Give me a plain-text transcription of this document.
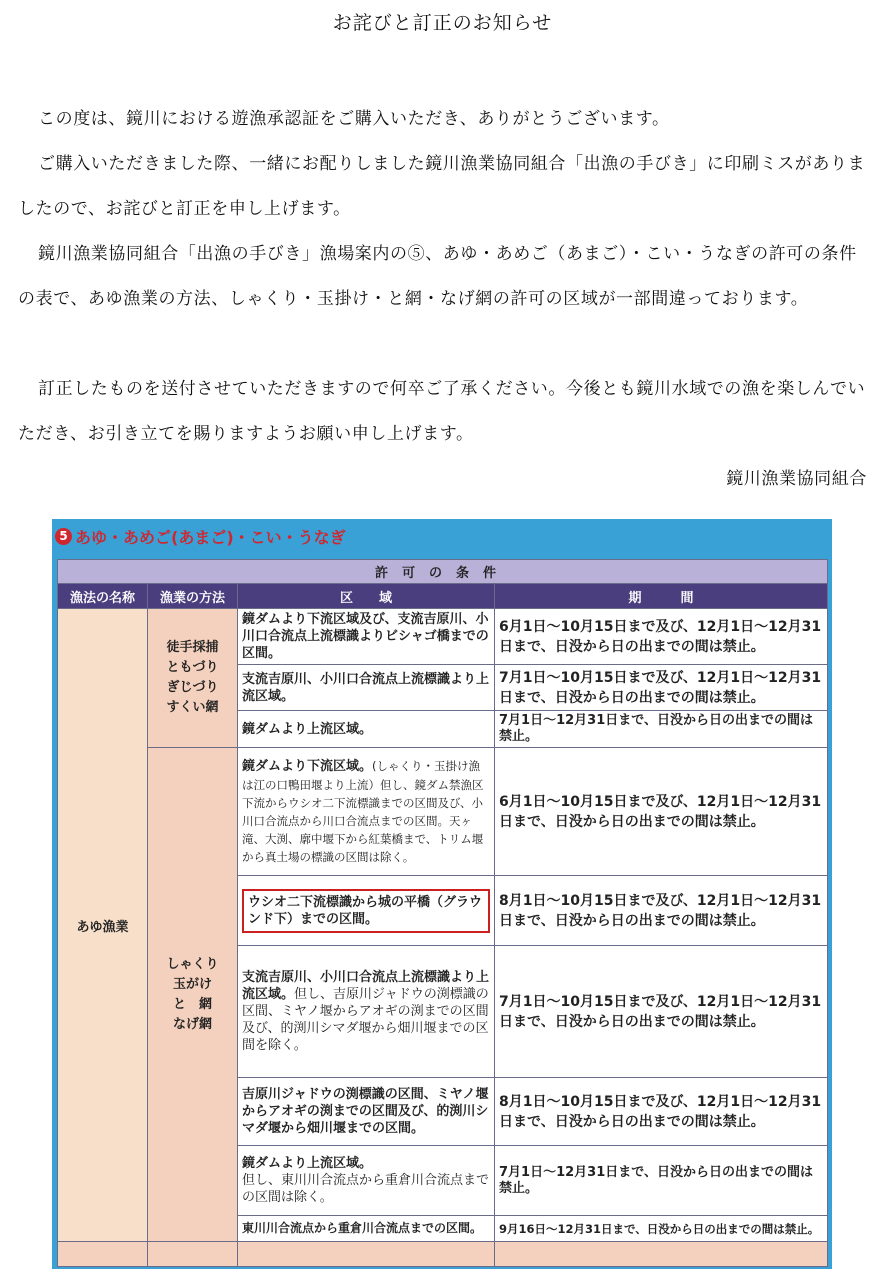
お詫びと訂正のお知らせ

この度は、鏡川における遊漁承認証をご購入いただき、ありがとうございます。

ご購入いただきました際、一緒にお配りしました鏡川漁業協同組合「出漁の手びき」に印刷ミスがありましたので、お詫びと訂正を申し上げます。

鏡川漁業協同組合「出漁の手びき」漁場案内の⑤、あゆ・あめご（あまご）・こい・うなぎの許可の条件の表で、あゆ漁業の方法、しゃくり・玉掛け・と網・なげ網の許可の区域が一部間違っております。

訂正したものを送付させていただきますので何卒ご了承ください。今後とも鏡川水域での漁を楽しんでいただき、お引き立てを賜りますようお願い申し上げます。

鏡川漁業協同組合
5 あゆ・あめご(あまご)・こい・うなぎ
許可の条件			
漁法の名称	漁業の方法	区　　域	期　　　間
あゆ漁業	徒手採捕
ともづり
ぎじづり
すくい網	鏡ダムより下流区域及び、支流吉原川、小川口合流点上流標識よりビシャゴ橋までの区間。	6月1日～10月15日まで及び、12月1日～12月31日まで、日没から日の出までの間は禁止。
		支流吉原川、小川口合流点上流標識より上流区域。	7月1日～10月15日まで及び、12月1日～12月31日まで、日没から日の出までの間は禁止。
		鏡ダムより上流区域。	7月1日～12月31日まで、日没から日の出までの間は禁止。
	しゃくり
玉がけ
と　網
なげ網	鏡ダムより下流区域。(しゃくり・玉掛け漁は江の口鴨田堰より上流）但し、鏡ダム禁漁区下流からウシオ二下流標識までの区間及び、小川口合流点から川口合流点までの区間。天ヶ滝、大渕、廓中堰下から紅葉橋まで、トリム堰から真土場の標識の区間は除く。	6月1日～10月15日まで及び、12月1日～12月31日まで、日没から日の出までの間は禁止。

		ウシオ二下流標識から城の平橋（グラウンド下）までの区間。	8月1日～10月15日まで及び、12月1日～12月31日まで、日没から日の出までの間は禁止。
		支流吉原川、小川口合流点上流標識より上流区域。但し、吉原川ジャドウの渕標識の区間、ミヤノ堰からアオギの渕までの区間及び、的渕川シマダ堰から畑川堰までの区間を除く。	7月1日～10月15日まで及び、12月1日～12月31日まで、日没から日の出までの間は禁止。
		吉原川ジャドウの渕標識の区間、ミヤノ堰からアオギの渕までの区間及び、的渕川シマダ堰から畑川堰までの区間。	8月1日～10月15日まで及び、12月1日～12月31日まで、日没から日の出までの間は禁止。
		鏡ダムより上流区域。
但し、東川川合流点から重倉川合流点までの区間は除く。	7月1日～12月31日まで、日没から日の出までの間は禁止。
		東川川合流点から重倉川合流点までの区間。	9月16日～12月31日まで、日没から日の出までの間は禁止。
